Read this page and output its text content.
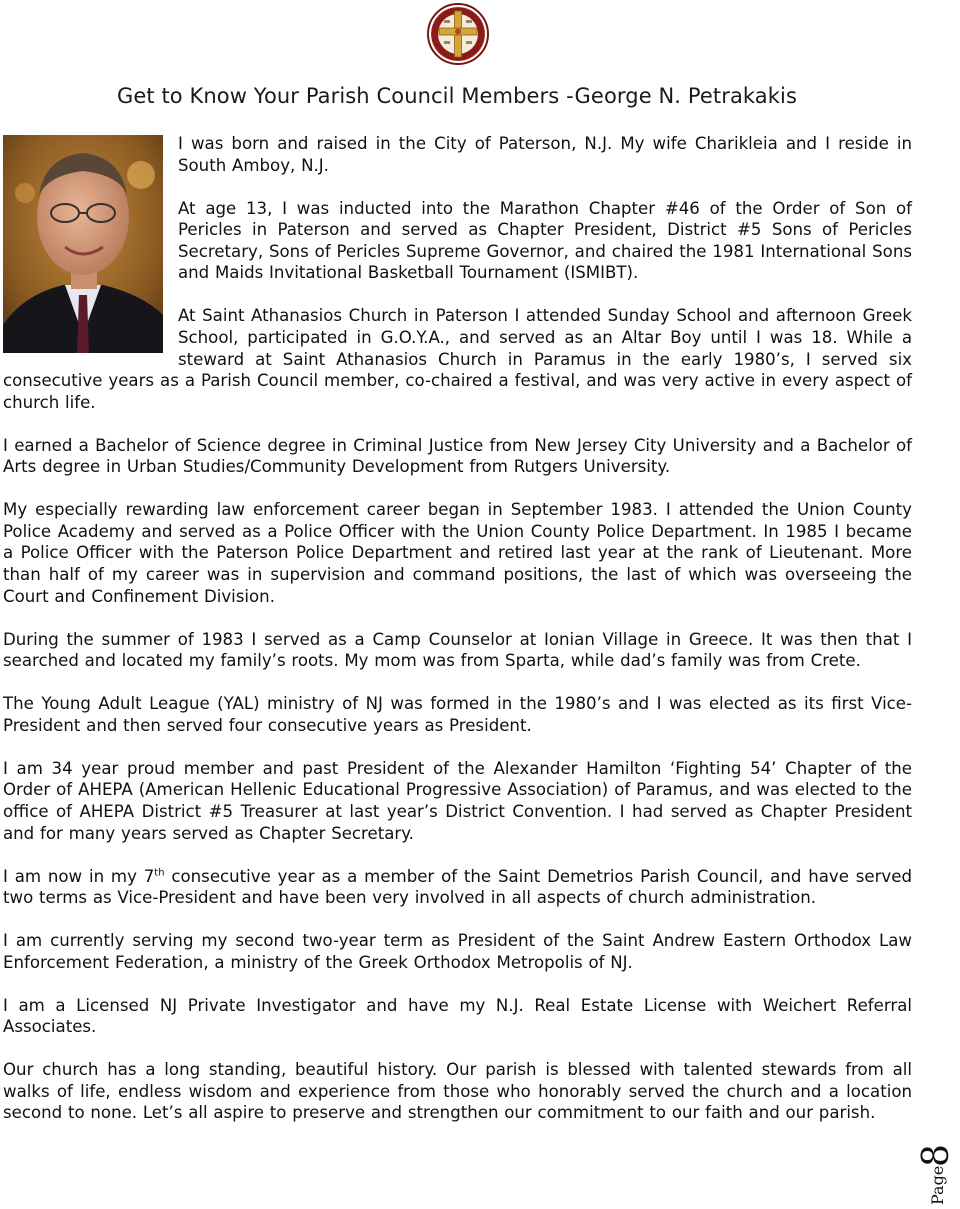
Get to Know Your Parish Council Members -George N. Petrakakis

I was born and raised in the City of Paterson, N.J. My wife Charikleia and I reside in South Amboy, N.J.

At age 13, I was inducted into the Marathon Chapter #46 of the Order of Son of Pericles in Paterson and served as Chapter President, District #5 Sons of Pericles Secretary, Sons of Pericles Supreme Governor, and chaired the 1981 International Sons and Maids Invitational Basketball Tournament (ISMIBT).

At Saint Athanasios Church in Paterson I attended Sunday School and afternoon Greek School, participated in G.O.Y.A., and served as an Altar Boy until I was 18. While a steward at Saint Athanasios Church in Paramus in the early 1980’s, I served six consecutive years as a Parish Council member, co-chaired a festival, and was very active in every aspect of church life.

I earned a Bachelor of Science degree in Criminal Justice from New Jersey City University and a Bachelor of Arts degree in Urban Studies/Community Development from Rutgers University.

My especially rewarding law enforcement career began in September 1983. I attended the Union County Police Academy and served as a Police Officer with the Union County Police Department. In 1985 I became a Police Officer with the Paterson Police Department and retired last year at the rank of Lieutenant. More than half of my career was in supervision and command positions, the last of which was overseeing the Court and Confinement Division.

During the summer of 1983 I served as a Camp Counselor at Ionian Village in Greece. It was then that I searched and located my family’s roots. My mom was from Sparta, while dad’s family was from Crete.

The Young Adult League (YAL) ministry of NJ was formed in the 1980’s and I was elected as its first Vice-President and then served four consecutive years as President.

I am 34 year proud member and past President of the Alexander Hamilton ‘Fighting 54’ Chapter of the Order of AHEPA (American Hellenic Educational Progressive Association) of Paramus, and was elected to the office of AHEPA District #5 Treasurer at last year’s District Convention. I had served as Chapter President and for many years served as Chapter Secretary.

I am now in my 7th consecutive year as a member of the Saint Demetrios Parish Council, and have served two terms as Vice-President and have been very involved in all aspects of church administration.

I am currently serving my second two-year term as President of the Saint Andrew Eastern Orthodox Law Enforcement Federation, a ministry of the Greek Orthodox Metropolis of NJ.

I am a Licensed NJ Private Investigator and have my N.J. Real Estate License with Weichert Referral Associates.

Our church has a long standing, beautiful history. Our parish is blessed with talented stewards from all walks of life, endless wisdom and experience from those who honorably served the church and a location second to none. Let’s all aspire to preserve and strengthen our commitment to our faith and our parish.

Page
8
